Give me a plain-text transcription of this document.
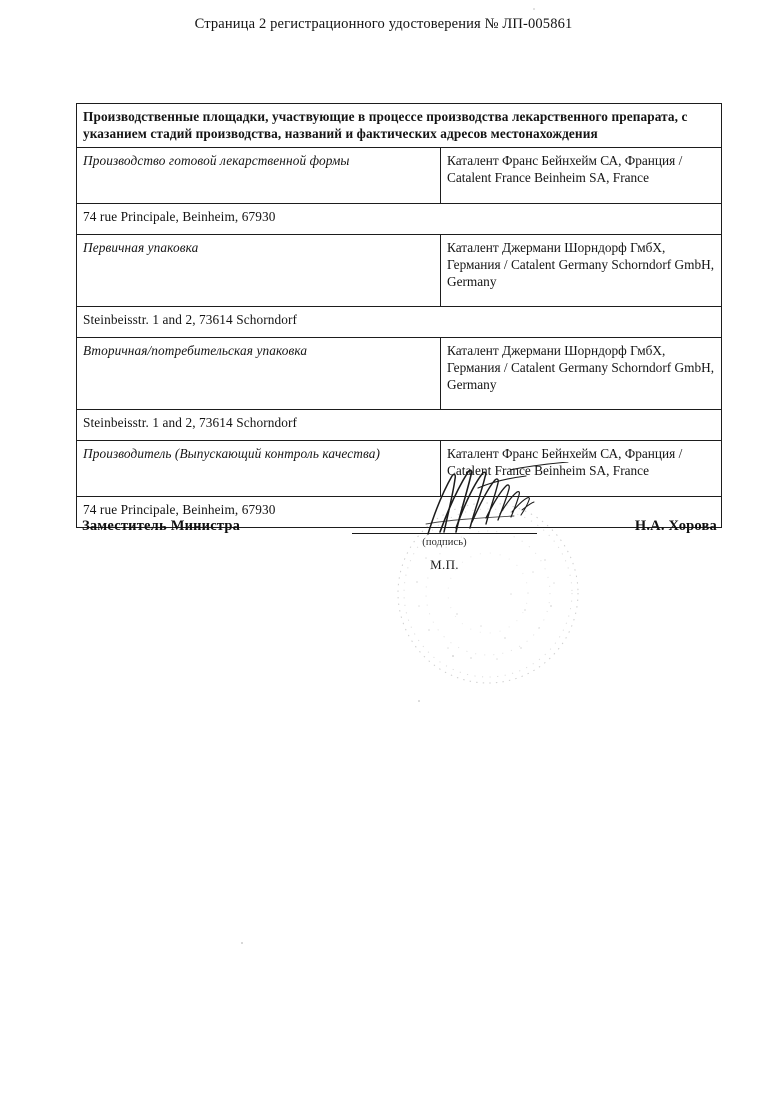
Страница 2 регистрационного удостоверения № ЛП-005861
Производственные площадки, участвующие в процессе производства лекарственного препарата, с указанием стадий производства, названий и фактических адресов местонахождения	
Производство готовой лекарственной формы	Каталент Франс Бейнхейм СА, Франция / Catalent France Beinheim SA, France
74 rue Principale, Beinheim, 67930	
Первичная упаковка	Каталент Джермани Шорндорф ГмбХ, Германия / Catalent Germany Schorndorf GmbH, Germany
Steinbeisstr. 1 and 2, 73614 Schorndorf	
Вторичная/потребительская упаковка	Каталент Джермани Шорндорф ГмбХ, Германия / Catalent Germany Schorndorf GmbH, Germany
Steinbeisstr. 1 and 2, 73614 Schorndorf	
Производитель (Выпускающий контроль качества)	Каталент Франс Бейнхейм СА, Франция / Catalent France Beinheim SA, France
74 rue Principale, Beinheim, 67930	
Заместитель Министра
(подпись)
М.П.
Н.А. Хорова
